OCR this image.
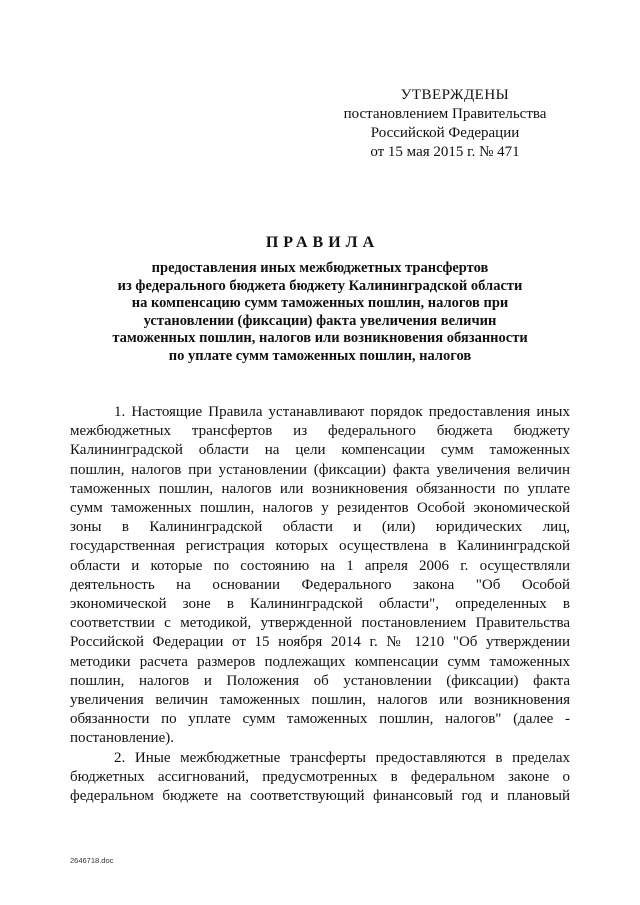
УТВЕРЖДЕНЫ
постановлением Правительства
Российской Федерации
от 15 мая 2015 г. № 471
ПРАВИЛА
предоставления иных межбюджетных трансфертов
из федерального бюджета бюджету Калининградской области
на компенсацию сумм таможенных пошлин, налогов при
установлении (фиксации) факта увеличения величин
таможенных пошлин, налогов или возникновения обязанности
по уплате сумм таможенных пошлин, налогов
1. Настоящие Правила устанавливают порядок предоставления иных
межбюджетных трансфертов из федерального бюджета бюджету
Калининградской области на цели компенсации сумм таможенных
пошлин, налогов при установлении (фиксации) факта увеличения величин
таможенных пошлин, налогов или возникновения обязанности по уплате
сумм таможенных пошлин, налогов у резидентов Особой экономической
зоны в Калининградской области и (или) юридических лиц,
государственная регистрация которых осуществлена в Калининградской
области и которые по состоянию на 1 апреля 2006 г. осуществляли
деятельность на основании Федерального закона "Об Особой
экономической зоне в Калининградской области", определенных в
соответствии с методикой, утвержденной постановлением Правительства
Российской Федерации от 15 ноября 2014 г. № 1210 "Об утверждении
методики расчета размеров подлежащих компенсации сумм таможенных
пошлин, налогов и Положения об установлении (фиксации) факта
увеличения величин таможенных пошлин, налогов или возникновения
обязанности по уплате сумм таможенных пошлин, налогов" (далее -
постановление).
2. Иные межбюджетные трансферты предоставляются в пределах
бюджетных ассигнований, предусмотренных в федеральном законе о
федеральном бюджете на соответствующий финансовый год и плановый
2646718.doc
